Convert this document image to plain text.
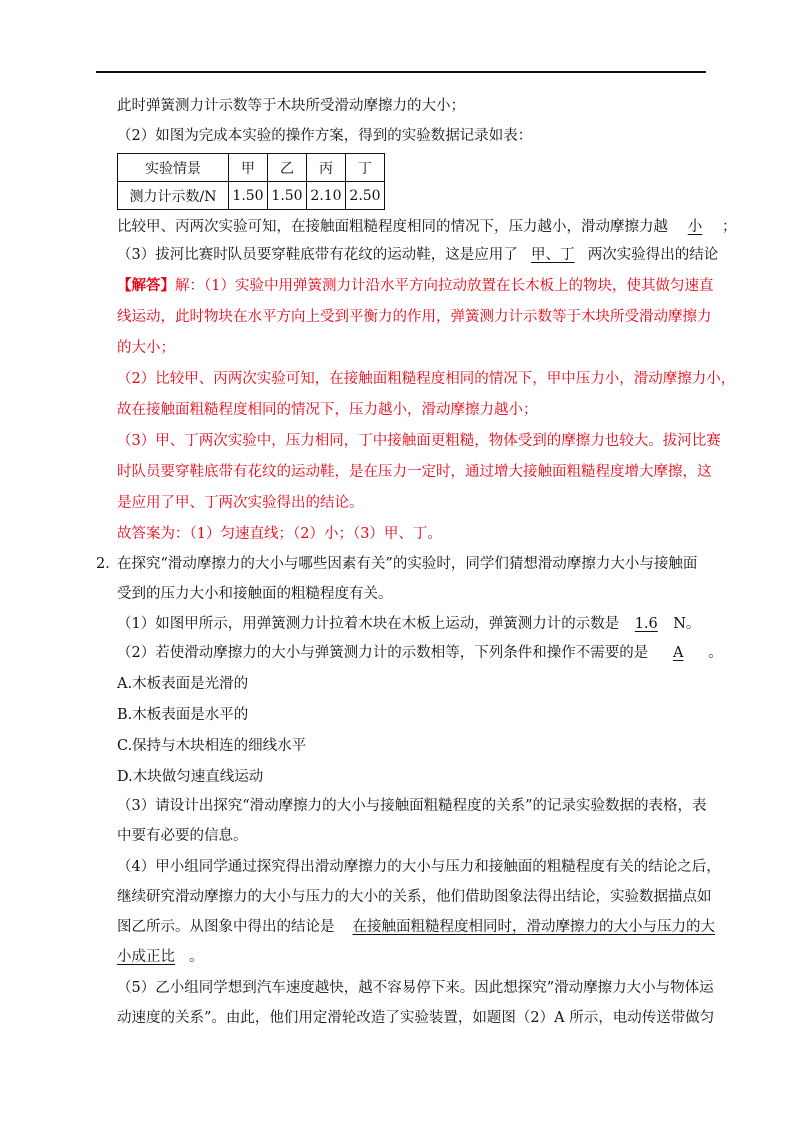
此时弹簧测力计示数等于木块所受滑动摩擦力的大小；
（2）如图为完成本实验的操作方案，得到的实验数据记录如表：
实验情景	甲	乙	丙	丁
测力计示数/N	1.50	1.50	2.10	2.50
比较甲、丙两次实验可知，在接触面粗糙程度相同的情况下，压力越小，滑动摩擦力越 小 ；
（3）拔河比赛时队员要穿鞋底带有花纹的运动鞋，这是应用了 甲、丁 两次实验得出的结论
【解答】解：（1）实验中用弹簧测力计沿水平方向拉动放置在长木板上的物块，使其做匀速直
线运动，此时物块在水平方向上受到平衡力的作用，弹簧测力计示数等于木块所受滑动摩擦力
的大小；
（2）比较甲、丙两次实验可知，在接触面粗糙程度相同的情况下，甲中压力小，滑动摩擦力小，
故在接触面粗糙程度相同的情况下，压力越小，滑动摩擦力越小；
（3）甲、丁两次实验中，压力相同，丁中接触面更粗糙，物体受到的摩擦力也较大。拔河比赛
时队员要穿鞋底带有花纹的运动鞋，是在压力一定时，通过增大接触面粗糙程度增大摩擦，这
是应用了甲、丁两次实验得出的结论。
故答案为：（1）匀速直线；（2）小；（3）甲、丁。
2．
在探究“滑动摩擦力的大小与哪些因素有关”的实验时，同学们猜想滑动摩擦力大小与接触面
受到的压力大小和接触面的粗糙程度有关。
（1）如图甲所示，用弹簧测力计拉着木块在木板上运动，弹簧测力计的示数是 1.6 N。
（2）若使滑动摩擦力的大小与弹簧测力计的示数相等，下列条件和操作不需要的是 A 。
A.木板表面是光滑的
B.木板表面是水平的
C.保持与木块相连的细线水平
D.木块做匀速直线运动
（3）请设计出探究“滑动摩擦力的大小与接触面粗糙程度的关系”的记录实验数据的表格，表
中要有必要的信息。
（4）甲小组同学通过探究得出滑动摩擦力的大小与压力和接触面的粗糙程度有关的结论之后，
继续研究滑动摩擦力的大小与压力的大小的关系，他们借助图象法得出结论，实验数据描点如
图乙所示。从图象中得出的结论是 在接触面粗糙程度相同时，滑动摩擦力的大小与压力的大
小成正比 。
（5）乙小组同学想到汽车速度越快，越不容易停下来。因此想探究”滑动摩擦力大小与物体运
动速度的关系”。由此，他们用定滑轮改造了实验装置，如题图（2）A 所示，电动传送带做匀
